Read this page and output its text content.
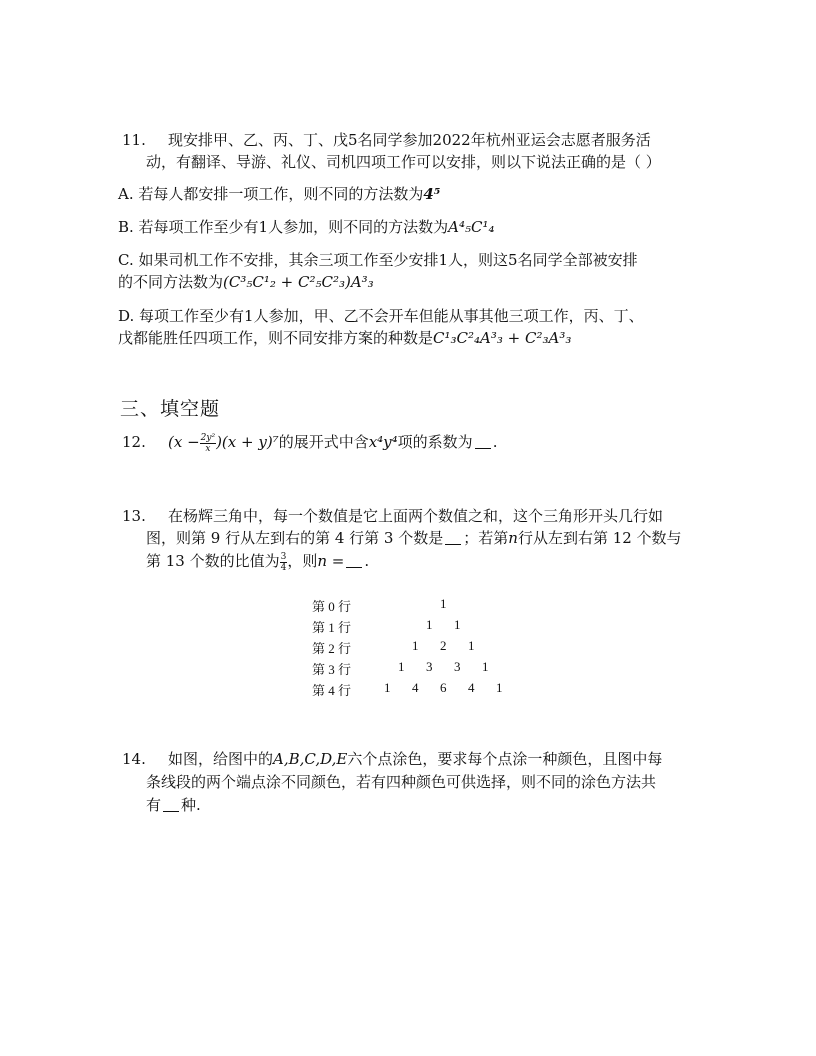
11. 现安排甲、乙、丙、丁、戊5名同学参加2022年杭州亚运会志愿者服务活
动，有翻译、导游、礼仪、司机四项工作可以安排，则以下说法正确的是（ ）
A. 若每人都安排一项工作，则不同的方法数为4⁵
B. 若每项工作至少有1人参加，则不同的方法数为A⁴₅C¹₄
C. 如果司机工作不安排，其余三项工作至少安排1人，则这5名同学全部被安排
的不同方法数为(C³₅C¹₂ + C²₅C²₃)A³₃
D. 每项工作至少有1人参加，甲、乙不会开车但能从事其他三项工作，丙、丁、
戊都能胜任四项工作，则不同安排方案的种数是C¹₃C²₄A³₃ + C²₃A³₃
三、填空题
12. $(x - \frac{\text{2y²}}{x} )(x + y)^7$的展开式中含x⁴y⁴项的系数为 .
13. 在杨辉三角中，每一个数值是它上面两个数值之和，这个三角形开头几行如
图，则第 9 行从左到右的第 4 行第 3 个数是 ；若第n行从左到右第 12 个数与
第 13 个数的比值为 $\frac{3}{4}$ ，则n = .
第 0 行	1
第 1 行	1 1
第 2 行	1 2 1
第 3 行	1 3 3 1
第 4 行	1 4 6 4 1
14. 如图，给图中的A,B,C,D,E六个点涂色，要求每个点涂一种颜色，且图中每
条线段的两个端点涂不同颜色，若有四种颜色可供选择，则不同的涂色方法共
有 种.
